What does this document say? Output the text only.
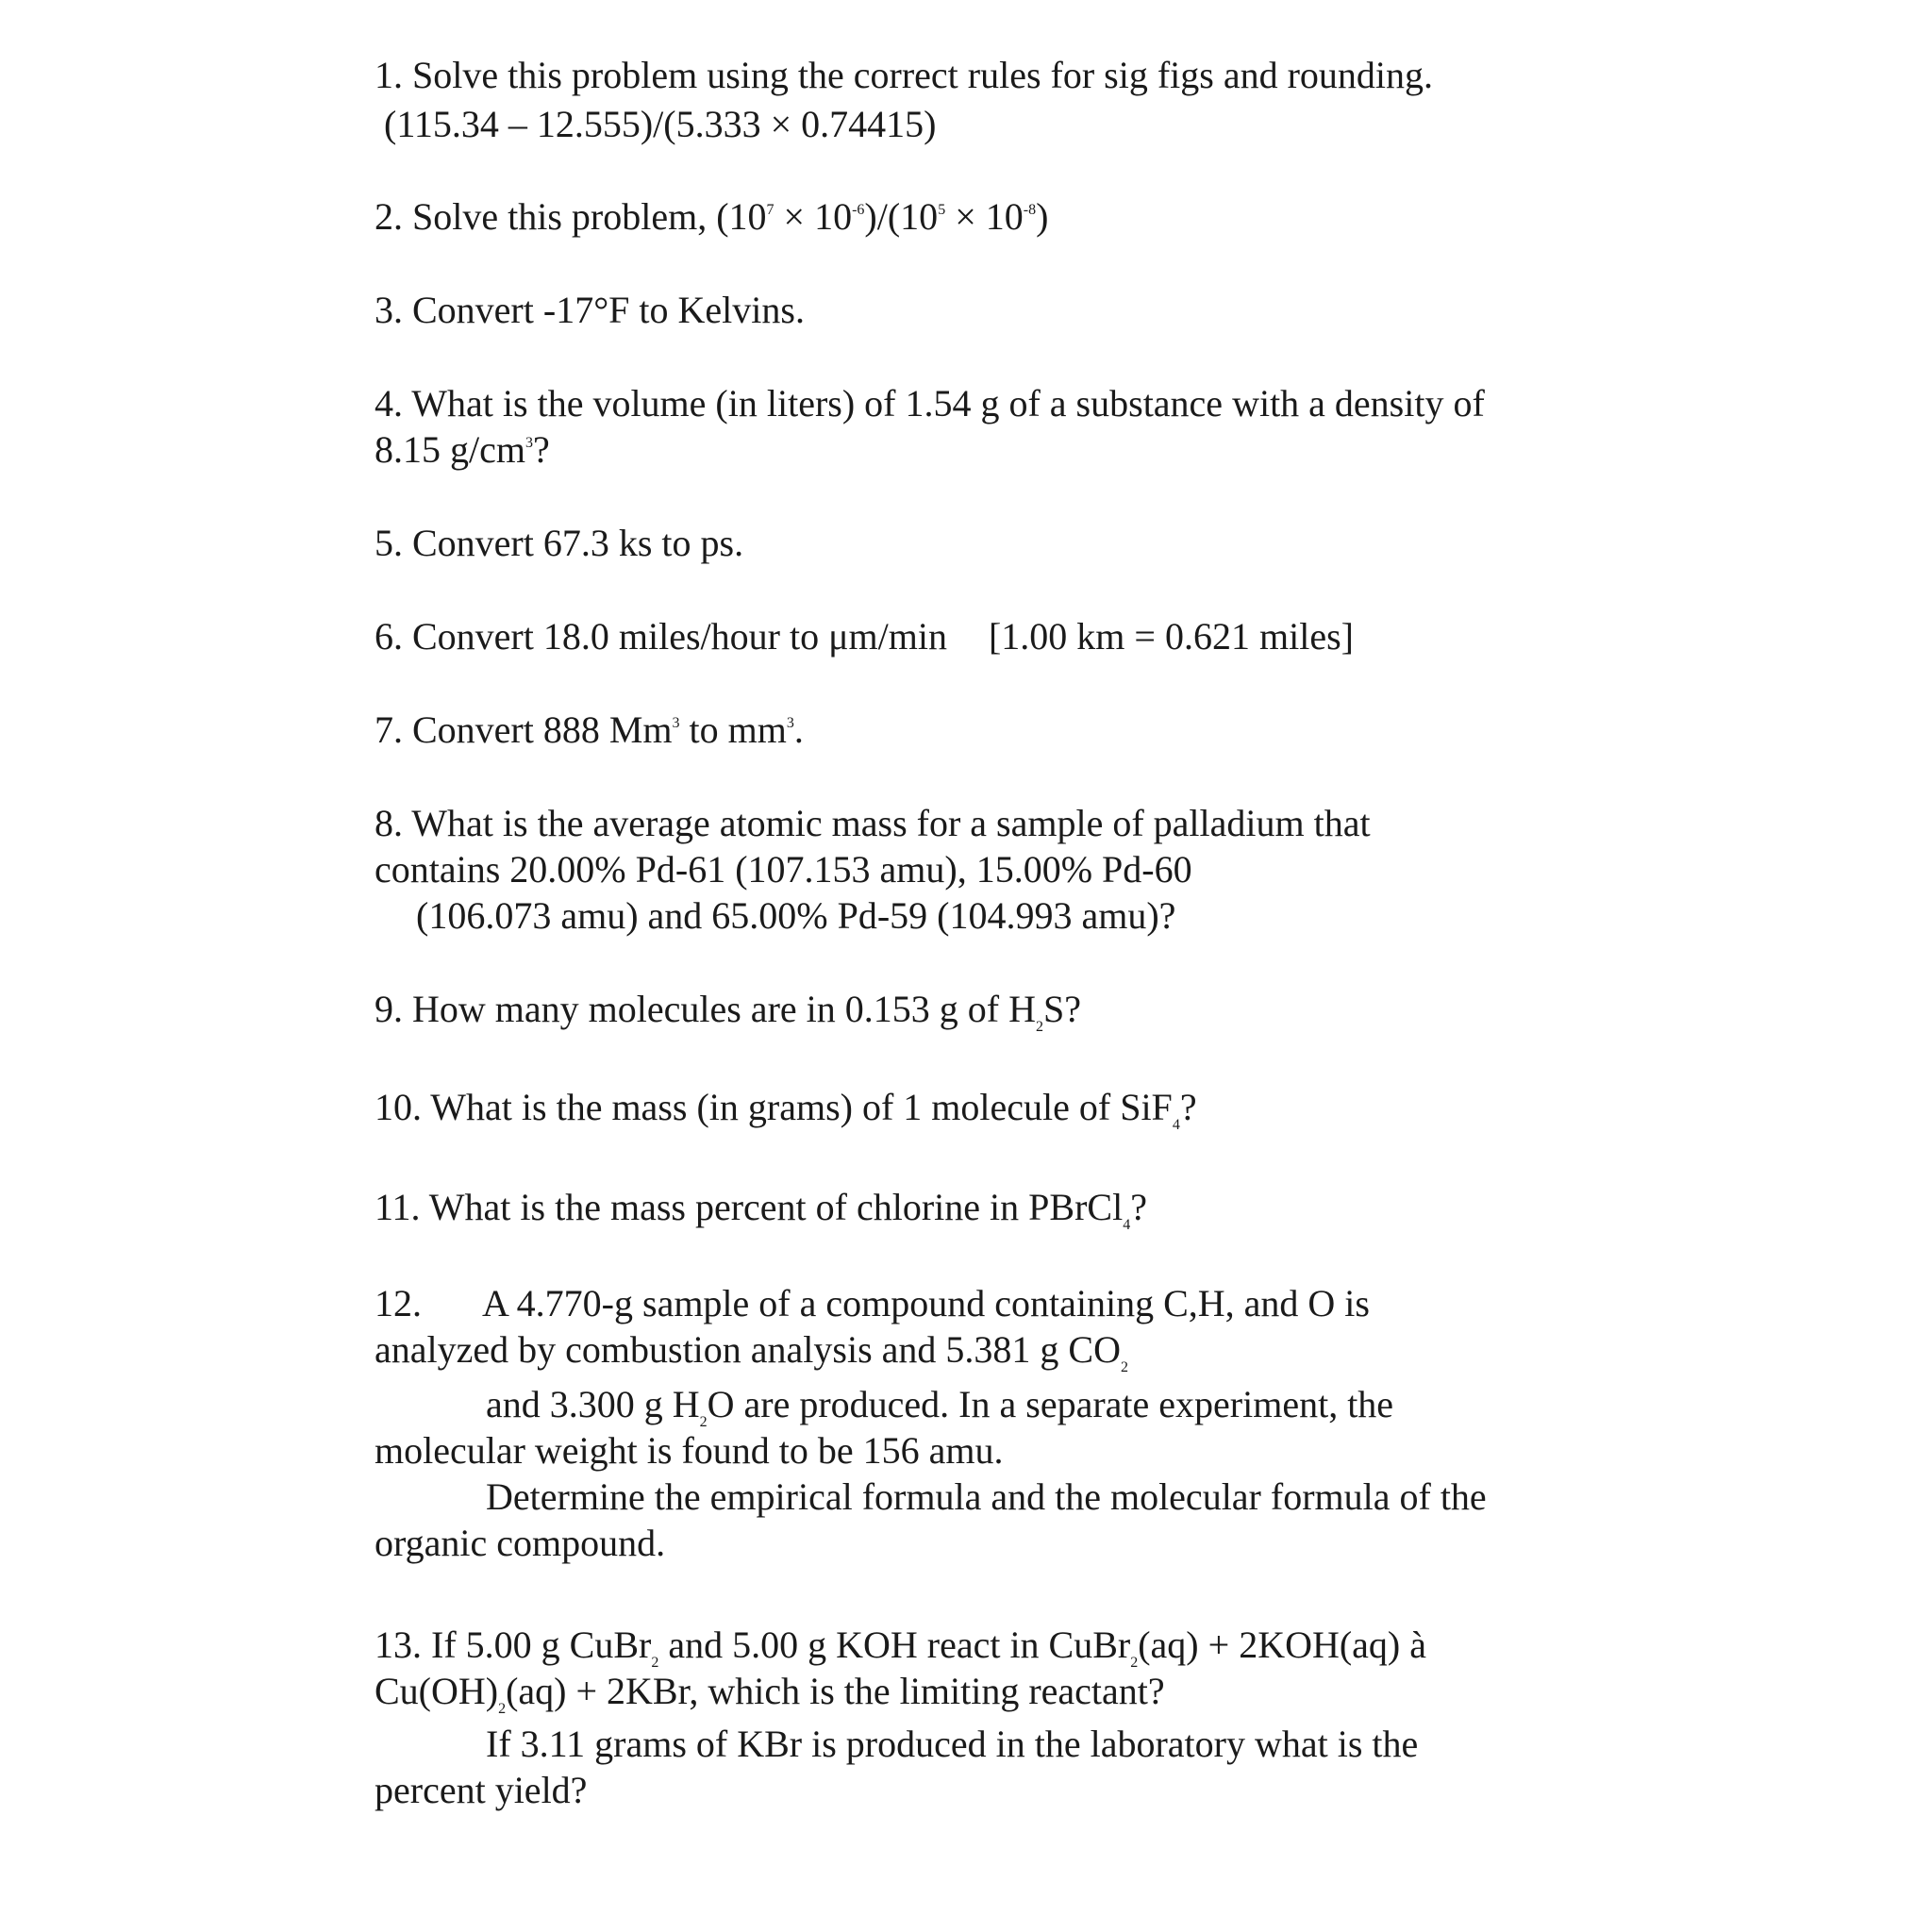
1. Solve this problem using the correct rules for sig figs and rounding.
(115.34 – 12.555)/(5.333 × 0.74415)
2. Solve this problem, $(10^7 \times 10^{-6})/(10^5 \times 10^{-8})$
3. Convert -17°F to Kelvins.
4. What is the volume (in liters) of 1.54 g of a substance with a density of
8.15 $g/cm^3$?
5. Convert 67.3 ks to ps.
6. Convert 18.0 miles/hour to μm/min [1.00 km = 0.621 miles]
7. Convert 888 Mm$^3$ to $mm^3$.
8. What is the average atomic mass for a sample of palladium that
contains 20.00% Pd-61 (107.153 amu), 15.00% Pd-60
(106.073 amu) and 65.00% Pd-59 (104.993 amu)?
9. How many molecules are in 0.153 g of $H_2S$?
10. What is the mass (in grams) of 1 molecule of SiF$_4$?
11. What is the mass percent of chlorine in PBrCl$_4$?
12. A 4.770-g sample of a compound containing C,H, and O is
analyzed by combustion analysis and 5.381 g $CO_2$
and 3.300 g $H_2O$ are produced. In a separate experiment, the
molecular weight is found to be 156 amu.
Determine the empirical formula and the molecular formula of the
organic compound.
13. If 5.00 g CuBr$_2$ and 5.00 g KOH react in CuBr$_2$(aq) + 2KOH(aq) à
$Cu(OH)_2(aq) + 2KBr$, which is the limiting reactant?
If 3.11 grams of KBr is produced in the laboratory what is the
percent yield?
